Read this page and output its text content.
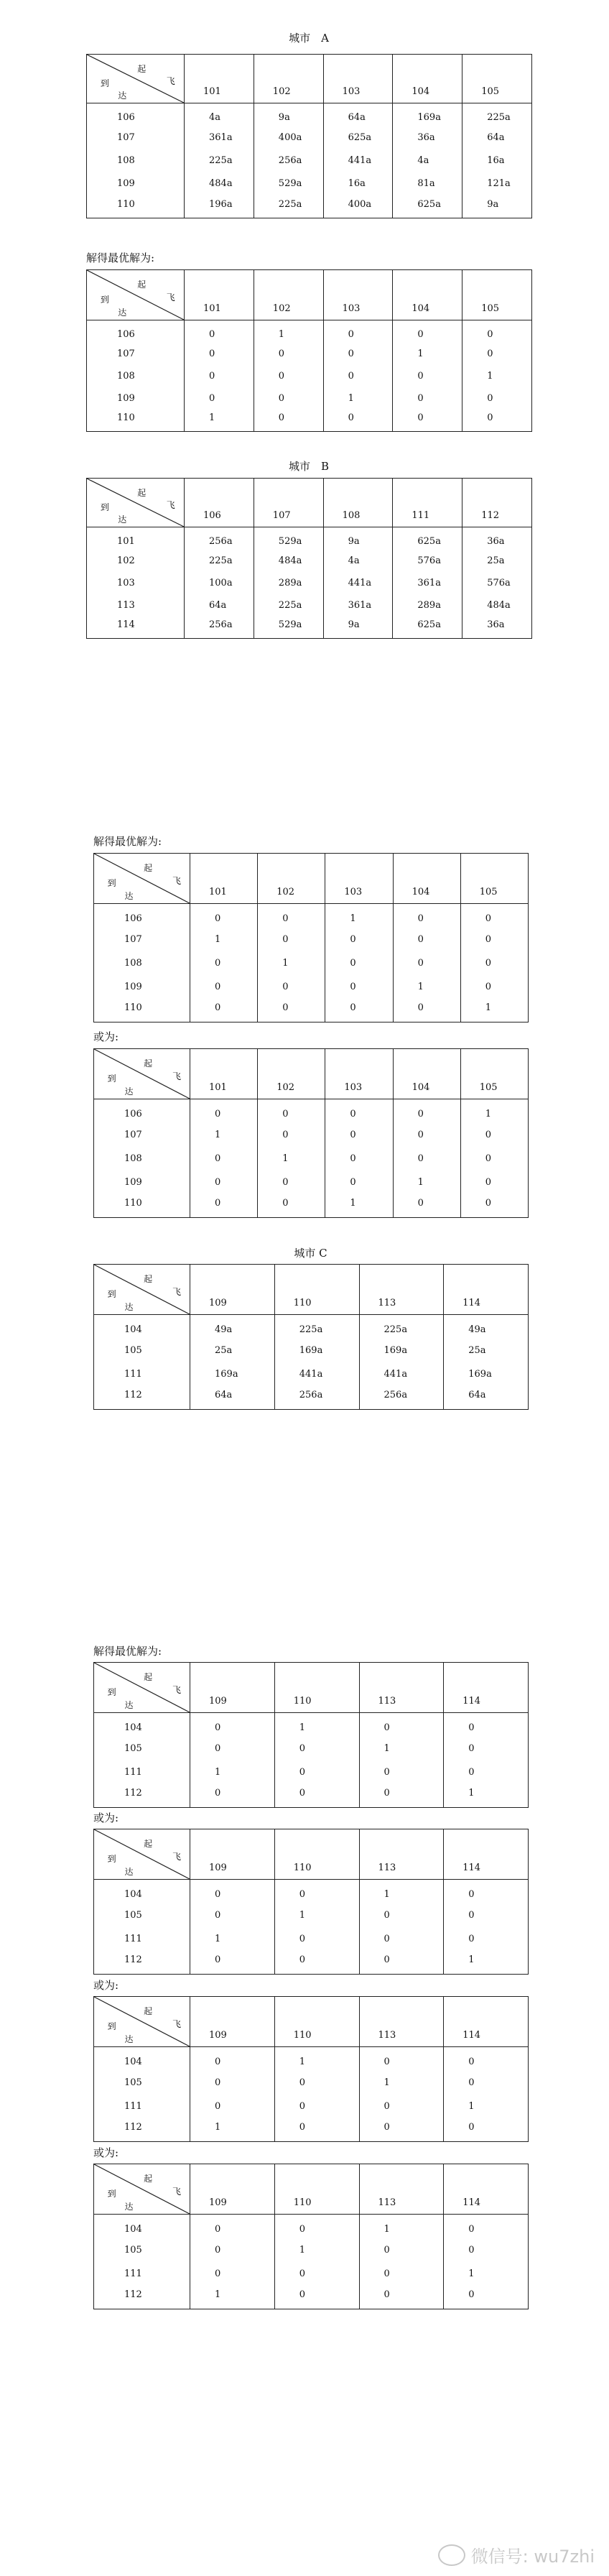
城市　A
起
飞
到
达	101	102	103	104	105
106	4a	9a	64a	169a	225a
107	361a	400a	625a	36a	64a
108	225a	256a	441a	4a	16a
109	484a	529a	16a	81a	121a
110	196a	225a	400a	625a	9a
解得最优解为:
起
飞
到
达	101	102	103	104	105
106	0	1	0	0	0
107	0	0	0	1	0
108	0	0	0	0	1
109	0	0	1	0	0
110	1	0	0	0	0
城市　B
起
飞
到
达	106	107	108	111	112
101	256a	529a	9a	625a	36a
102	225a	484a	4a	576a	25a
103	100a	289a	441a	361a	576a
113	64a	225a	361a	289a	484a
114	256a	529a	9a	625a	36a
解得最优解为:
起
飞
到
达	101	102	103	104	105
106	0	0	1	0	0
107	1	0	0	0	0
108	0	1	0	0	0
109	0	0	0	1	0
110	0	0	0	0	1
或为:
起
飞
到
达	101	102	103	104	105
106	0	0	0	0	1
107	1	0	0	0	0
108	0	1	0	0	0
109	0	0	0	1	0
110	0	0	1	0	0
城市 C
起
飞
到
达	109	110	113	114
104	49a	225a	225a	49a
105	25a	169a	169a	25a
111	169a	441a	441a	169a
112	64a	256a	256a	64a
解得最优解为:
起
飞
到
达	109	110	113	114
104	0	1	0	0
105	0	0	1	0
111	1	0	0	0
112	0	0	0	1
或为:
起
飞
到
达	109	110	113	114
104	0	0	1	0
105	0	1	0	0
111	1	0	0	0
112	0	0	0	1
或为:
起
飞
到
达	109	110	113	114
104	0	1	0	0
105	0	0	1	0
111	0	0	0	1
112	1	0	0	0
或为:
起
飞
到
达	109	110	113	114
104	0	0	1	0
105	0	1	0	0
111	0	0	0	1
112	1	0	0	0
微信号: wu7zhi
